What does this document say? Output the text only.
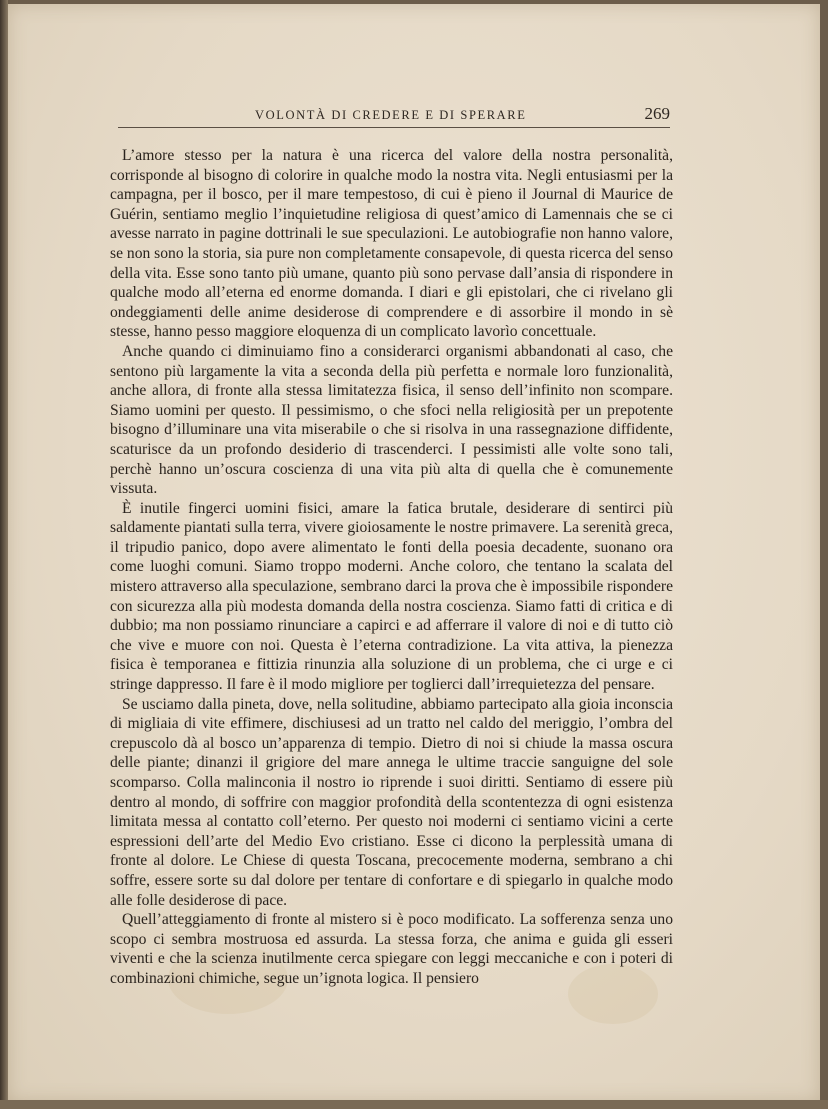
VOLONTÀ DI CREDERE E DI SPERARE	269

L’amore stesso per la natura è una ricerca del valore della nostra personalità, corrisponde al bisogno di colorire in qualche modo la nostra vita. Negli entusiasmi per la campagna, per il bosco, per il mare tempestoso, di cui è pieno il Journal di Maurice de Guérin, sentiamo meglio l’inquietudine religiosa di quest’amico di Lamennais che se ci avesse narrato in pagine dottrinali le sue speculazioni. Le autobiografie non hanno valore, se non sono la storia, sia pure non completamente consapevole, di questa ricerca del senso della vita. Esse sono tanto più umane, quanto più sono pervase dall’ansia di rispondere in qualche modo all’eterna ed enorme domanda. I diari e gli epistolari, che ci rivelano gli ondeggiamenti delle anime desiderose di comprendere e di assorbire il mondo in sè stesse, hanno pesso maggiore eloquenza di un complicato lavorìo concettuale.

Anche quando ci diminuiamo fino a considerarci organismi abbandonati al caso, che sentono più largamente la vita a seconda della più perfetta e normale loro funzionalità, anche allora, di fronte alla stessa limitatezza fisica, il senso dell’infinito non scompare. Siamo uomini per questo. Il pessimismo, o che sfoci nella religiosità per un prepotente bisogno d’illuminare una vita miserabile o che si risolva in una rassegnazione diffidente, scaturisce da un profondo desiderio di trascenderci. I pessimisti alle volte sono tali, perchè hanno un’oscura coscienza di una vita più alta di quella che è comunemente vissuta.

È inutile fingerci uomini fisici, amare la fatica brutale, desiderare di sentirci più saldamente piantati sulla terra, vivere gioiosamente le nostre primavere. La serenità greca, il tripudio panico, dopo avere alimentato le fonti della poesia decadente, suonano ora come luoghi comuni. Siamo troppo moderni. Anche coloro, che tentano la scalata del mistero attraverso alla speculazione, sembrano darci la prova che è impossibile rispondere con sicurezza alla più modesta domanda della nostra coscienza. Siamo fatti di critica e di dubbio; ma non possiamo rinunciare a capirci e ad afferrare il valore di noi e di tutto ciò che vive e muore con noi. Questa è l’eterna contradizione. La vita attiva, la pienezza fisica è temporanea e fittizia rinunzia alla soluzione di un problema, che ci urge e ci stringe dappresso. Il fare è il modo migliore per toglierci dall’irrequietezza del pensare.

Se usciamo dalla pineta, dove, nella solitudine, abbiamo partecipato alla gioia inconscia di migliaia di vite effimere, dischiusesi ad un tratto nel caldo del meriggio, l’ombra del crepuscolo dà al bosco un’apparenza di tempio. Dietro di noi si chiude la massa oscura delle piante; dinanzi il grigiore del mare annega le ultime traccie sanguigne del sole scomparso. Colla malinconia il nostro io riprende i suoi diritti. Sentiamo di essere più dentro al mondo, di soffrire con maggior profondità della scontentezza di ogni esistenza limitata messa al contatto coll’eterno. Per questo noi moderni ci sentiamo vicini a certe espressioni dell’arte del Medio Evo cristiano. Esse ci dicono la perplessità umana di fronte al dolore. Le Chiese di questa Toscana, precocemente moderna, sembrano a chi soffre, essere sorte su dal dolore per tentare di confortare e di spiegarlo in qualche modo alle folle desiderose di pace.

Quell’atteggiamento di fronte al mistero si è poco modificato. La sofferenza senza uno scopo ci sembra mostruosa ed assurda. La stessa forza, che anima e guida gli esseri viventi e che la scienza inutilmente cerca spiegare con leggi meccaniche e con i poteri di combinazioni chimiche, segue un’ignota logica. Il pensiero
